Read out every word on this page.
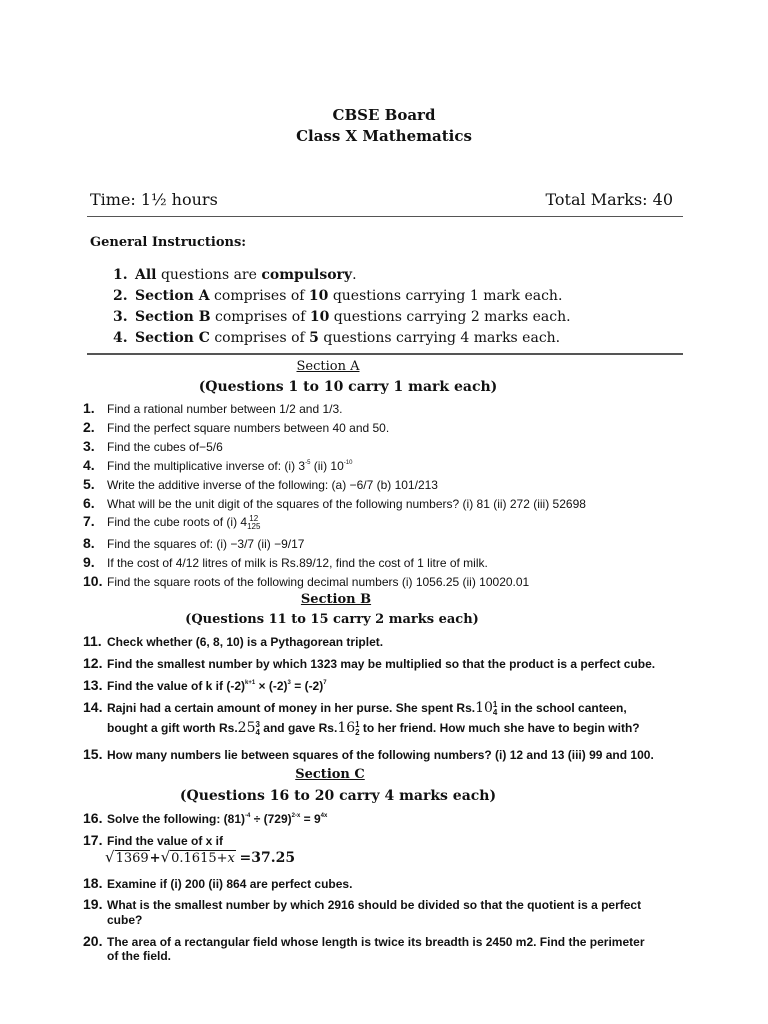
CBSE Board
Class X Mathematics
Time: 1½ hours	Total Marks: 40
General Instructions:
1. All questions are compulsory.
2. Section A comprises of 10 questions carrying 1 mark each.
3. Section B comprises of 10 questions carrying 2 marks each.
4. Section C comprises of 5 questions carrying 4 marks each.
Section A
(Questions 1 to 10 carry 1 mark each)
1. Find a rational number between 1/2 and 1/3.
2. Find the perfect square numbers between 40 and 50.
3. Find the cubes of−5/6
4. Find the multiplicative inverse of: (i) $3^{-5}$ (ii) $10^{-10}$
5. Write the additive inverse of the following: (a) −6/7 (b) 101/213
6. What will be the unit digit of the squares of the following numbers? (i) 81 (ii) 272 (iii) 52698
7. Find the cube roots of (i) 4 12
125
8. Find the squares of: (i) −3/7 (ii) −9/17
9. If the cost of 4/12 litres of milk is Rs.89/12, find the cost of 1 litre of milk.
10. Find the square roots of the following decimal numbers (i) 1056.25 (ii) 10020.01
Section B
(Questions 11 to 15 carry 2 marks each)
11. Check whether (6, 8, 10) is a Pythagorean triplet.
12. Find the smallest number by which 1323 may be multiplied so that the product is a perfect cube.
13. Find the value of k if $(-2)^{k+1} \times (-2)^3 = (-2)^7$
14. Rajni had a certain amount of money in her purse. She spent Rs.10 1
4 in the school canteen,
bought a gift worth Rs.25 3
4 and gave Rs.16 1
2 to her friend. How much she have to begin with?
15. How many numbers lie between squares of the following numbers? (i) 12 and 13 (iii) 99 and 100.
Section C
(Questions 16 to 20 carry 4 marks each)
16. Solve the following: $(81)^{-4} \div (729)^{2-x} = 9^{4x}$
17. Find the value of x if
√1369+√0.1615+x =37.25
18. Examine if (i) 200 (ii) 864 are perfect cubes.
19. What is the smallest number by which 2916 should be divided so that the quotient is a perfect
cube?
20. The area of a rectangular field whose length is twice its breadth is 2450 m2. Find the perimeter
of the field.
